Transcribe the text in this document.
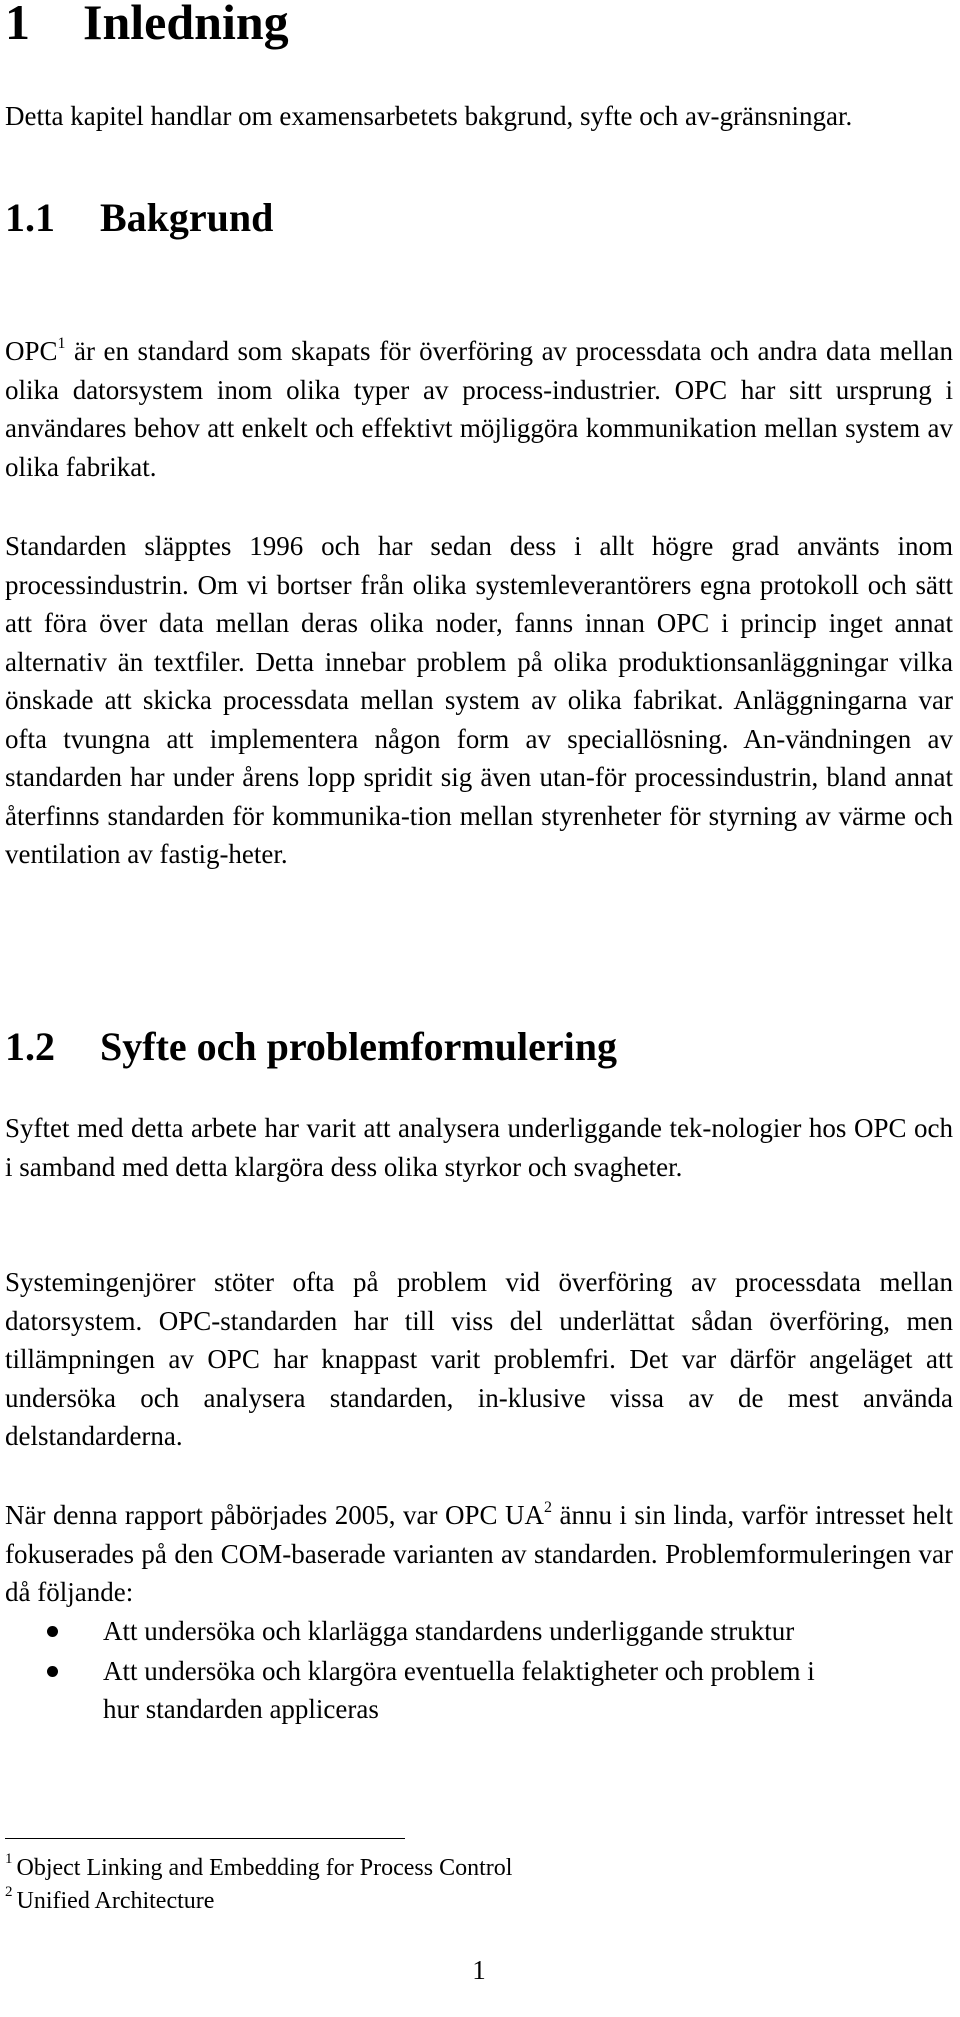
1 Inledning

Detta kapitel handlar om examensarbetets bakgrund, syfte och av-gränsningar.

1.1 Bakgrund

OPC$^1$ är en standard som skapats för överföring av processdata och andra data mellan olika datorsystem inom olika typer av process-industrier. OPC har sitt ursprung i användares behov att enkelt och effektivt möjliggöra kommunikation mellan system av olika fabrikat.

Standarden släpptes 1996 och har sedan dess i allt högre grad använts inom processindustrin. Om vi bortser från olika systemleverantörers egna protokoll och sätt att föra över data mellan deras olika noder, fanns innan OPC i princip inget annat alternativ än textfiler. Detta innebar problem på olika produktionsanläggningar vilka önskade att skicka processdata mellan system av olika fabrikat. Anläggningarna var ofta tvungna att implementera någon form av speciallösning. An-vändningen av standarden har under årens lopp spridit sig även utan-för processindustrin, bland annat återfinns standarden för kommunika-tion mellan styrenheter för styrning av värme och ventilation av fastig-heter.

1.2 Syfte och problemformulering

Syftet med detta arbete har varit att analysera underliggande tek-nologier hos OPC och i samband med detta klargöra dess olika styrkor och svagheter.

Systemingenjörer stöter ofta på problem vid överföring av processdata mellan datorsystem. OPC-standarden har till viss del underlättat sådan överföring, men tillämpningen av OPC har knappast varit problemfri. Det var därför angeläget att undersöka och analysera standarden, in-klusive vissa av de mest använda delstandarderna.

När denna rapport påbörjades 2005, var OPC $UA^2$ ännu i sin linda, varför intresset helt fokuserades på den COM-baserade varianten av standarden. Problemformuleringen var då följande:

Att undersöka och klarlägga standardens underliggande struktur
Att undersöka och klargöra eventuella felaktigheter och problem i hur standarden appliceras
$^1$ Object Linking and Embedding for Process Control
$^2$ Unified Architecture
1
